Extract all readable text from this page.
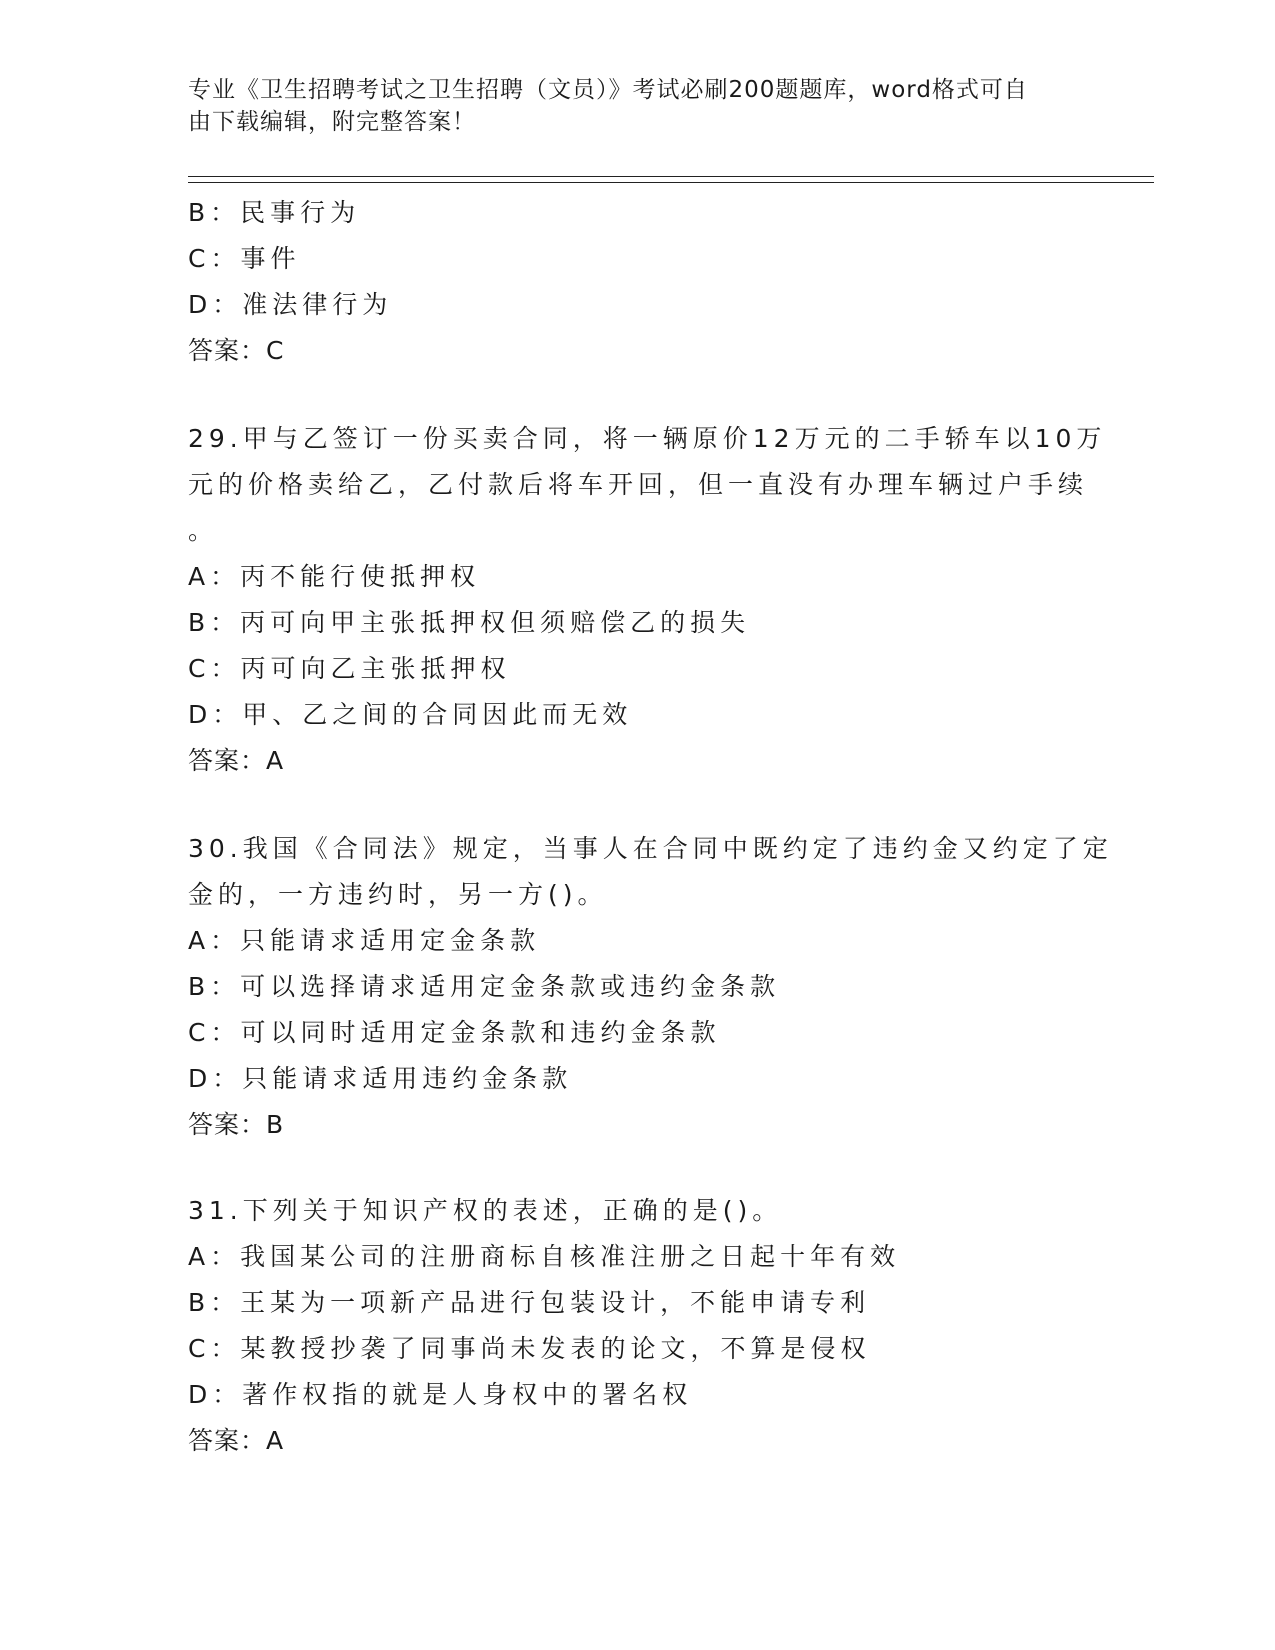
专业《卫生招聘考试之卫生招聘（文员）》考试必刷200题题库，word格式可自
由下载编辑，附完整答案！
B：民事行为
C：事件
D：准法律行为
答案：C
29.甲与乙签订一份买卖合同，将一辆原价12万元的二手轿车以10万
元的价格卖给乙，乙付款后将车开回，但一直没有办理车辆过户手续
。
A：丙不能行使抵押权
B：丙可向甲主张抵押权但须赔偿乙的损失
C：丙可向乙主张抵押权
D：甲、乙之间的合同因此而无效
答案：A
30.我国《合同法》规定，当事人在合同中既约定了违约金又约定了定
金的，一方违约时，另一方()。
A：只能请求适用定金条款
B：可以选择请求适用定金条款或违约金条款
C：可以同时适用定金条款和违约金条款
D：只能请求适用违约金条款
答案：B
31.下列关于知识产权的表述，正确的是()。
A：我国某公司的注册商标自核准注册之日起十年有效
B：王某为一项新产品进行包装设计，不能申请专利
C：某教授抄袭了同事尚未发表的论文，不算是侵权
D：著作权指的就是人身权中的署名权
答案：A
